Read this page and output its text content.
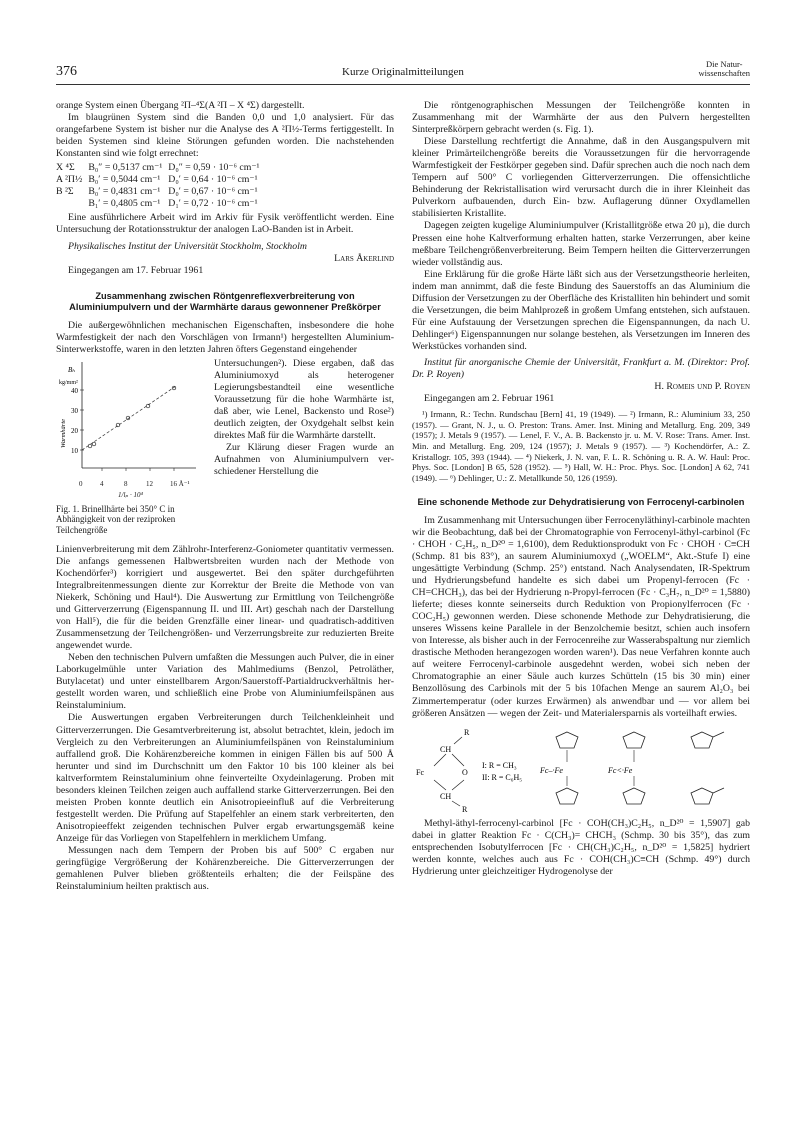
376	Kurze Originalmitteilungen
Die Natur-
wissenschaften

orange System einen Übergang ²Π–⁴Σ(A ²Π – X ⁴Σ) dargestellt.

Im blaugrünen System sind die Banden 0,0 und 1,0 analysiert. Für das orangefarbene System ist bisher nur die Analyse des A ²Π½-Terms fertiggestellt. In beiden Systemen sind kleine Störungen gefunden worden. Die nachstehenden Konstanten sind wie folgt errechnet:

X ⁴Σ	B₀″ = 0,5137 cm⁻¹	D₀″ = 0,59 · 10⁻⁶ cm⁻¹
A ²Π½	B₀′ = 0,5044 cm⁻¹	D₀′ = 0,64 · 10⁻⁶ cm⁻¹
B ²Σ	B₀′ = 0,4831 cm⁻¹	D₀′ = 0,67 · 10⁻⁶ cm⁻¹
	B₁′ = 0,4805 cm⁻¹	D₁′ = 0,72 · 10⁻⁶ cm⁻¹

Eine ausführlichere Arbeit wird im Arkiv für Fysik veröffentlicht werden. Eine Untersuchung der Rotationsstruktur der analogen LaO-Banden ist in Arbeit.

Physikalisches Institut der Universität Stockholm, Stockholm

Lars Åkerlind

Eingegangen am 17. Februar 1961

Zusammenhang zwischen Röntgenreflexverbreiterung von Aluminiumpulvern und der Warmhärte daraus gewonnener Preßkörper

Die außergewöhnlichen mechanischen Eigenschaften, insbesondere die hohe Warmfestigkeit der nach den Vorschlägen von Irmann¹) hergestellten Aluminium-Sinterwerkstoffe, waren in den letzten Jahren öfters Gegenstand eingehender

10
20
30
40
kg/mm²
Bₕ
Warmhärte
0	4	8	12 16 Å⁻¹
1/lₚ · 10⁴
Fig. 1. Brinellhärte bei 350° C in Abhängigkeit von der reziproken Teilchengröße

Untersuchungen²). Diese ergaben, daß das Aluminiumoxyd als heterogener Legierungsbestandteil eine wesentliche Voraussetzung für die hohe Warmhärte ist, daß aber, wie Lenel, Backensto und Rose²) deutlich zeigten, der Oxydgehalt selbst kein direktes Maß für die Warmhärte darstellt.

Zur Klärung dieser Fragen wurde an Aufnahmen von Aluminiumpulvern verschiedener Herstellung die

Linienverbreiterung mit dem Zählrohr-Interferenz-Goniometer quantitativ vermessen. Die anfangs gemessenen Halbwertsbreiten wurden nach der Methode von Kochendörfer³) korrigiert und ausgewertet. Bei den später durchgeführten Integralbreitenmessungen diente zur Korrektur der Breite die Methode von van Niekerk, Schöning und Haul⁴). Die Auswertung zur Ermittlung von Teilchengröße und Gitterverzerrung (Eigenspannung II. und III. Art) geschah nach der Darstellung von Hall⁵), die für die beiden Grenzfälle einer linear- und quadratisch-additiven Zusammensetzung der Teilchengrößen- und Verzerrungsbreite zur reduzierten Breite angewendet wurde.

Neben den technischen Pulvern umfaßten die Messungen auch Pulver, die in einer Laborkugelmühle unter Variation des Mahlmediums (Benzol, Petroläther, Butylacetat) und unter einstellbarem Argon/Sauerstoff-Partialdruckverhältnis hergestellt worden waren, und schließlich eine Probe von Aluminiumfeilspänen aus Reinstaluminium.

Die Auswertungen ergaben Verbreiterungen durch Teilchenkleinheit und Gitterverzerrungen. Die Gesamtverbreiterung ist, absolut betrachtet, klein, jedoch im Vergleich zu den Verbreiterungen an Aluminiumfeilspänen von Reinstaluminium auffallend groß. Die Kohärenzbereiche kommen in einigen Fällen bis auf 500 Å herunter und sind im Durchschnitt um den Faktor 10 bis 100 kleiner als bei kaltverformtem Reinstaluminium ohne feinverteilte Oxydeinlagerung. Proben mit besonders kleinen Teilchen zeigen auch auffallend starke Gitterverzerrungen. Bei den meisten Proben konnte deutlich ein Anisotropieeinfluß auf die Verbreiterung festgestellt werden. Die Prüfung auf Stapelfehler an einem stark verbreiterten, den Anisotropieeffekt zeigenden technischen Pulver ergab erwartungsgemäß keine Anzeige für das Vorliegen von Stapelfehlern in merklichem Umfang.

Messungen nach dem Tempern der Proben bis auf 500° C ergaben nur geringfügige Vergrößerung der Kohärenzbereiche. Die Gitterverzerrungen der gemahlenen Pulver blieben größtenteils erhalten; die der Feilspäne des Reinstaluminium heilten praktisch aus.

Die röntgenographischen Messungen der Teilchengröße konnten in Zusammenhang mit der Warmhärte der aus den Pulvern hergestellten Sinterpreßkörpern gebracht werden (s. Fig. 1).

Diese Darstellung rechtfertigt die Annahme, daß in den Ausgangspulvern mit kleiner Primärteilchengröße bereits die Voraussetzungen für die hervorragende Warmfestigkeit der Festkörper gegeben sind. Dafür sprechen auch die noch nach dem Tempern auf 500° C vorliegenden Gitterverzerrungen. Die offensichtliche Behinderung der Rekristallisation wird verursacht durch die in ihrer Kleinheit das Pulverkorn aufbauenden, durch Ein- bzw. Auflagerung dünner Oxydlamellen stabilisierten Kristallite.

Dagegen zeigten kugelige Aluminiumpulver (Kristallitgröße etwa 20 µ), die durch Pressen eine hohe Kaltverformung erhalten hatten, starke Verzerrungen, aber keine meßbare Teilchengrößenverbreiterung. Beim Tempern heilten die Gitterverzerrungen wieder vollständig aus.

Eine Erklärung für die große Härte läßt sich aus der Versetzungstheorie herleiten, indem man annimmt, daß die feste Bindung des Sauerstoffs an das Aluminium die Diffusion der Versetzungen zu der Oberfläche des Kristalliten hin behindert und somit die Versetzungen, die beim Mahlprozeß in großem Umfang entstehen, sich aufstauen. Für eine Aufstauung der Versetzungen sprechen die Eigenspannungen, da nach U. Dehlinger⁶) Eigenspannungen nur solange bestehen, als Versetzungen im Inneren des Werkstückes vorhanden sind.

Institut für anorganische Chemie der Universität, Frankfurt a. M. (Direktor: Prof. Dr. P. Royen)

H. Romeis und P. Royen

Eingegangen am 2. Februar 1961

¹) Irmann, R.: Techn. Rundschau [Bern] 41, 19 (1949). — ²) Irmann, R.: Aluminium 33, 250 (1957). — Grant, N. J., u. O. Preston: Trans. Amer. Inst. Mining and Metallurg. Eng. 209, 349 (1957); J. Metals 9 (1957). — Lenel, F. V., A. B. Backensto jr. u. M. V. Rose: Trans. Amer. Inst. Min. and Metallurg. Eng. 209, 124 (1957); J. Metals 9 (1957). — ³) Kochendörfer, A.: Z. Kristallogr. 105, 393 (1944). — ⁴) Niekerk, J. N. van, F. L. R. Schöning u. R. A. W. Haul: Proc. Phys. Soc. [London] B 65, 528 (1952). — ⁵) Hall, W. H.: Proc. Phys. Soc. [London] A 62, 741 (1949). — ⁶) Dehlinger, U.: Z. Metallkunde 50, 126 (1959).

Eine schonende Methode zur Dehydratisierung von Ferrocenyl-carbinolen

Im Zusammenhang mit Untersuchungen über Ferrocenyläthinyl-carbinole machten wir die Beobachtung, daß bei der Chromatographie von Ferrocenyl-äthyl-carbinol (Fc · CHOH · C₂H₅, n_D²⁰ = 1,6100), dem Reduktionsprodukt von Fc · CHOH · C≡CH (Schmp. 81 bis 83°), an saurem Aluminiumoxyd („WOELM“, Akt.-Stufe I) eine ungesättigte Verbindung (Schmp. 25°) entstand. Nach Analysendaten, IR-Spektrum und Hydrierungsbefund handelte es sich dabei um Propenyl-ferrocen (Fc · CH=CHCH₃), das bei der Hydrierung n-Propyl-ferrocen (Fc · C₃H₇, n_D²⁰ = 1,5880) lieferte; dieses konnte seinerseits durch Reduktion von Propionylferrocen (Fc · COC₂H₅) gewonnen werden. Diese schonende Methode zur Dehydratisierung, die unseres Wissens keine Parallele in der Benzolchemie besitzt, schien auch insofern von Interesse, als bisher auch in der Ferrocenreihe zur Wasserabspaltung nur ziemlich drastische Methoden herangezogen worden waren¹). Das neue Verfahren konnte auch auf weitere Ferrocenyl-carbinole ausgedehnt werden, wobei sich neben der Chromatographie an einer Säule auch kurzes Schütteln (15 bis 30 min) einer Benzollösung des Carbinols mit der 5 bis 10fachen Menge an saurem Al₂O₃ bei Zimmertemperatur (oder kurzes Erwärmen) als anwendbar und — vor allem bei größeren Ansätzen — wegen der Zeit- und Materialersparnis als vorteilhaft erwies.

R
CH
Fc	O
CH
R
I: R = CH₃
II: R = C₆H₅
Fc–·Fe	Fc<·Fe

Methyl-äthyl-ferrocenyl-carbinol [Fc · COH(CH₃)C₂H₅, n_D²⁰ = 1,5907] gab dabei in glatter Reaktion Fc · C(CH₃)= CHCH₃ (Schmp. 30 bis 35°), das zum entsprechenden Isobutylferrocen [Fc · CH(CH₃)C₂H₅, n_D²⁰ = 1,5825] hydriert werden konnte, welches auch aus Fc · COH(CH₃)C≡CH (Schmp. 49°) durch Hydrierung unter gleichzeitiger Hydrogenolyse der
